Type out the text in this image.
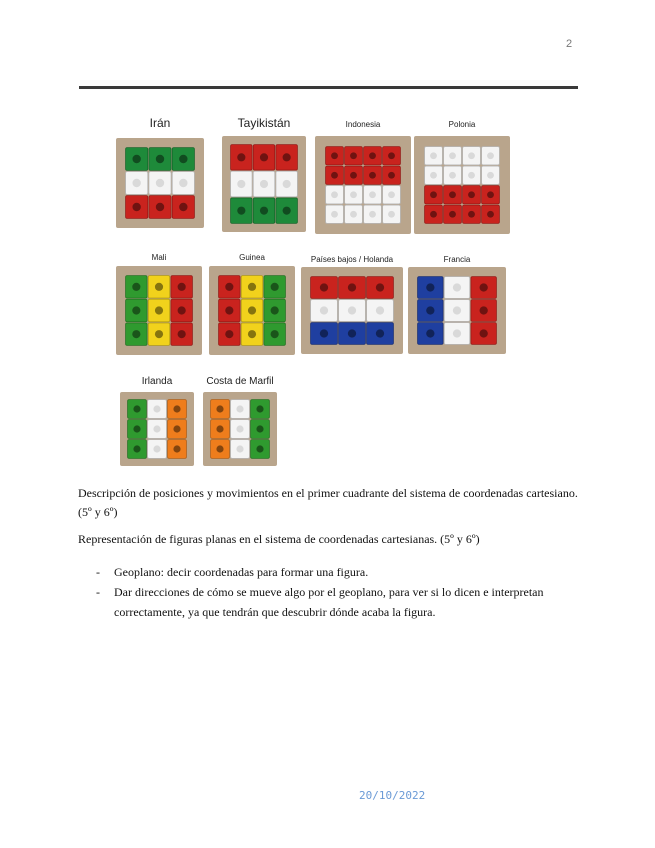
2
Irán	Tayikistán	Indonesia	Polonia
Mali	Guinea	Países bajos / Holanda	Francia
Irlanda	Costa de Marfil
Descripción de posiciones y movimientos en el primer cuadrante del sistema de coordenadas cartesiano. (5º y 6º)
Representación de figuras planas en el sistema de coordenadas cartesianas. (5º y 6º)
- Geoplano: decir coordenadas para formar una figura.
- Dar direcciones de cómo se mueve algo por el geoplano, para ver si lo dicen e interpretan correctamente, ya que tendrán que descubrir dónde acaba la figura.
20/10/2022
